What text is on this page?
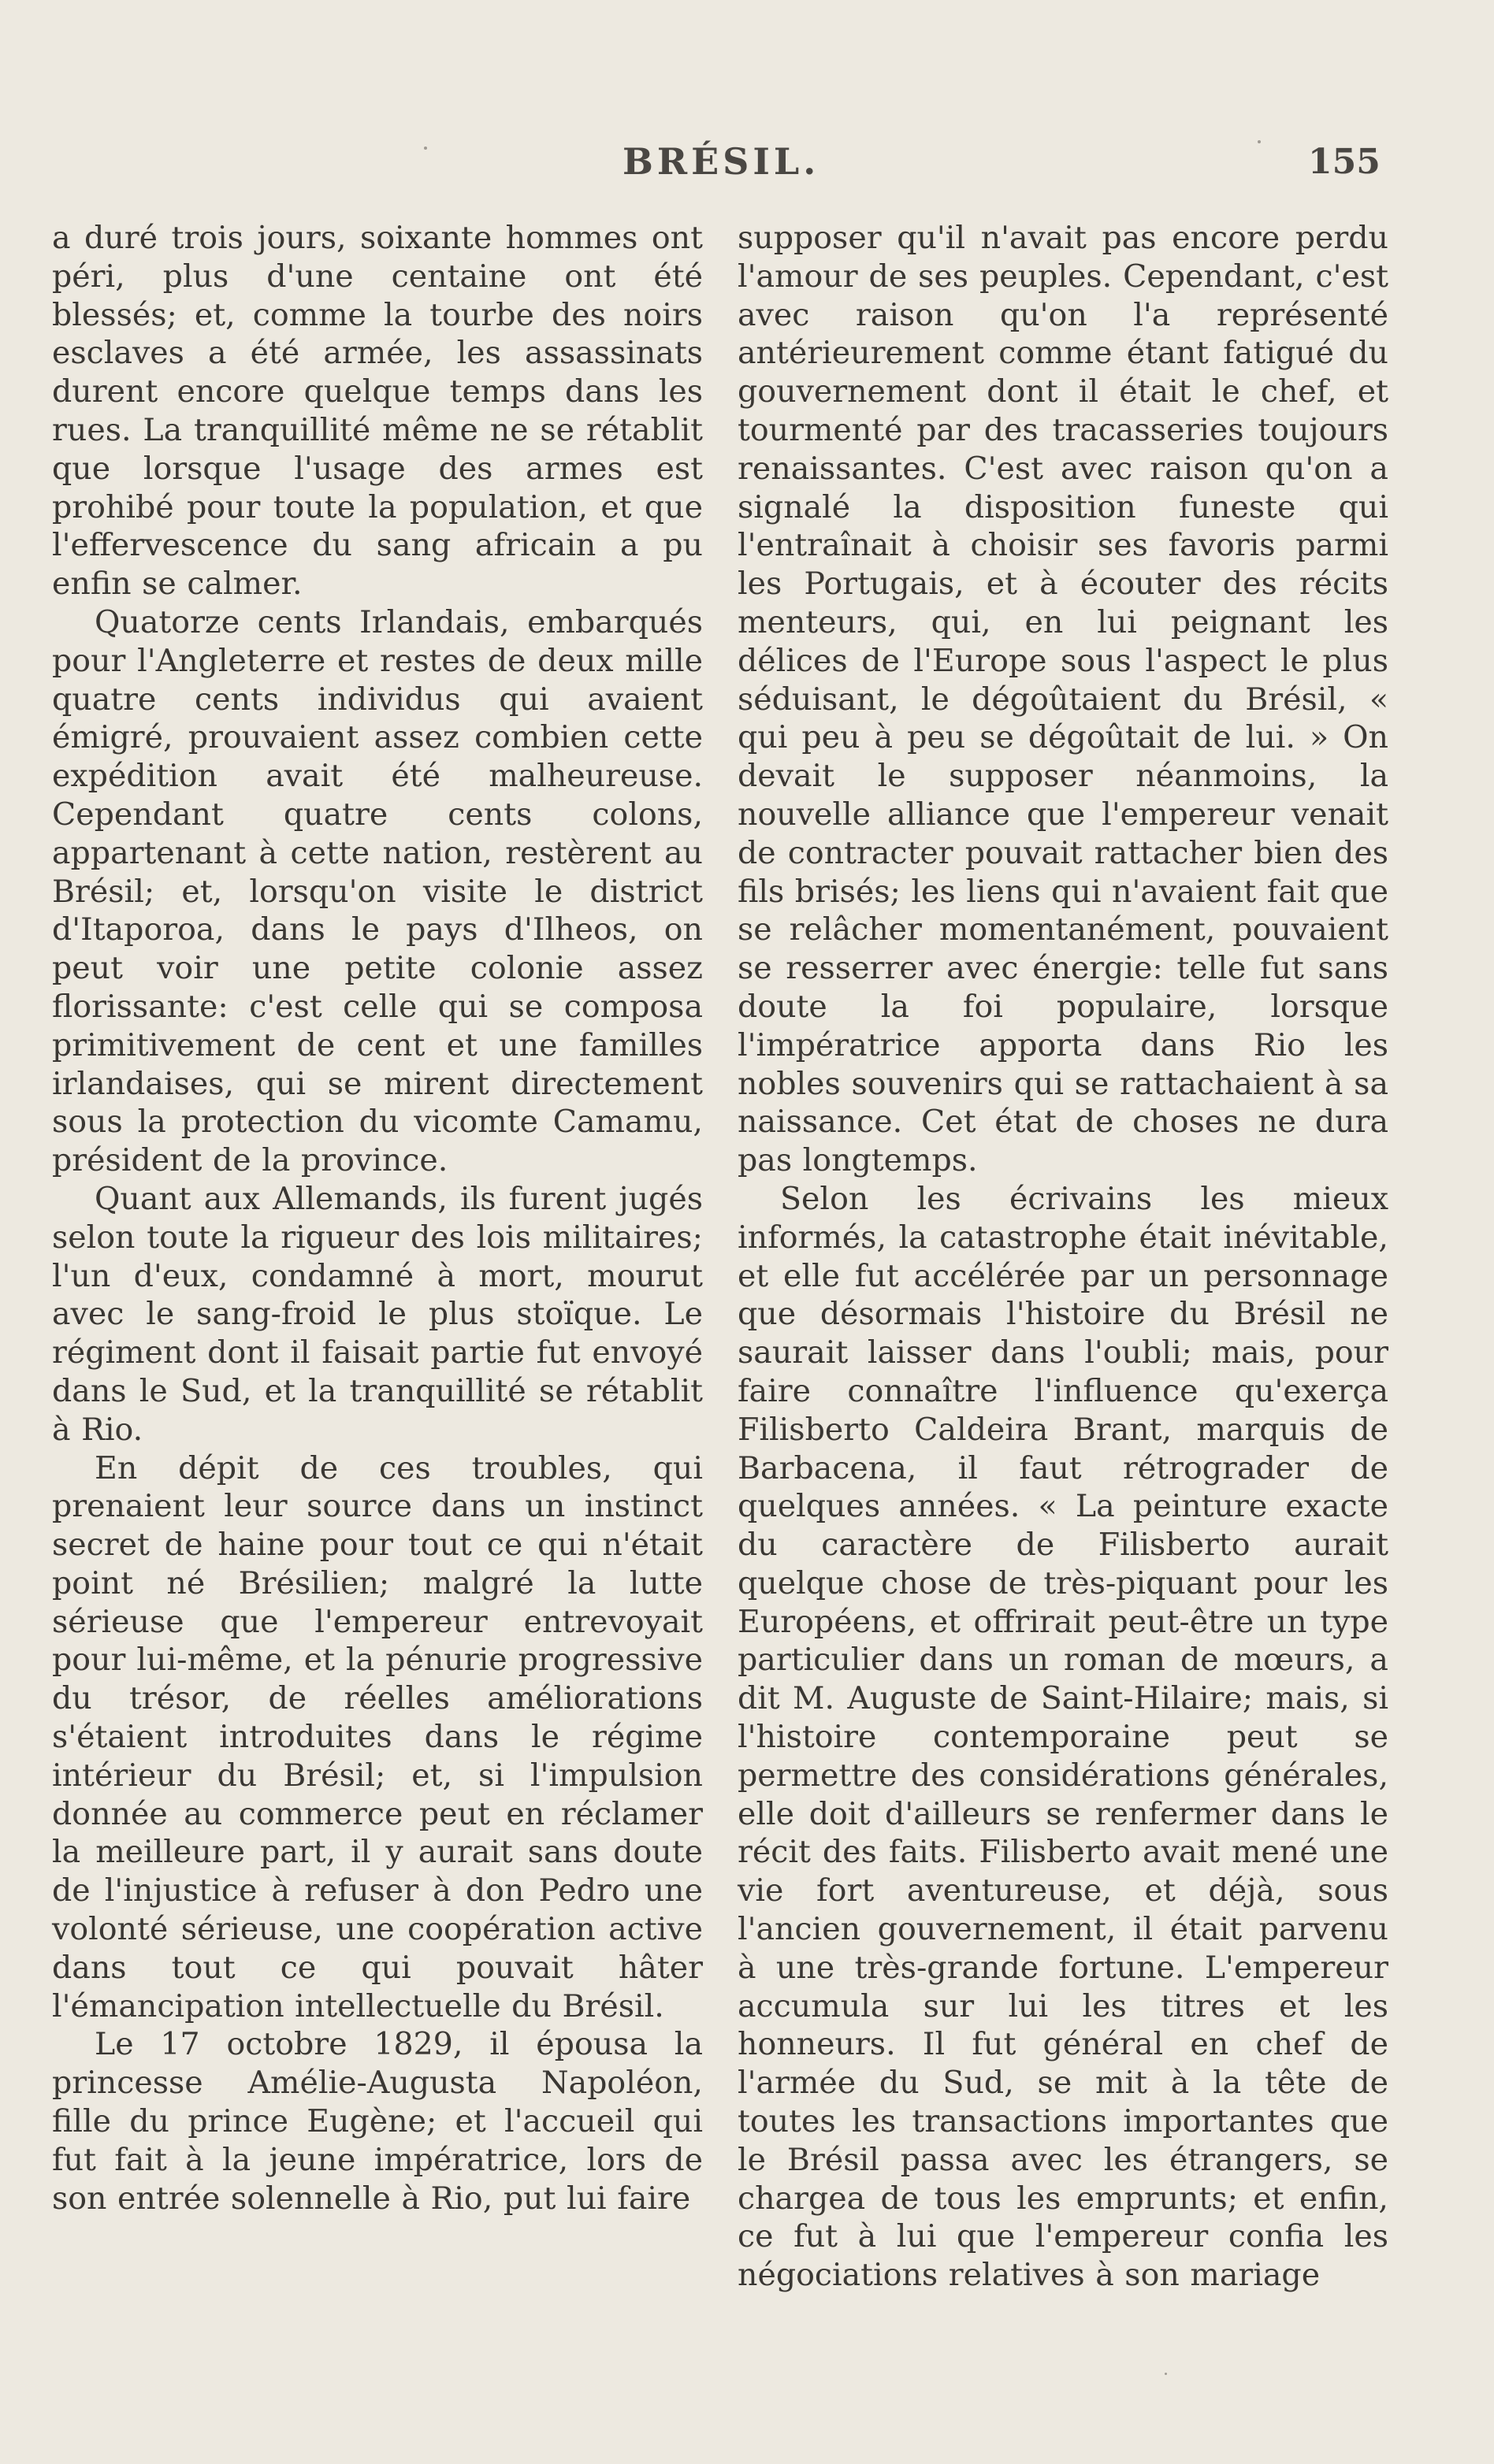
BRÉSIL.	155

a duré trois jours, soixante hommes ont péri, plus d'une centaine ont été blessés; et, comme la tourbe des noirs esclaves a été armée, les assassinats durent encore quelque temps dans les rues. La tranquillité même ne se rétablit que lorsque l'usage des armes est prohibé pour toute la population, et que l'effervescence du sang africain a pu enfin se calmer.

Quatorze cents Irlandais, embarqués pour l'Angleterre et restes de deux mille quatre cents individus qui avaient émigré, prouvaient assez combien cette expédition avait été malheureuse. Cependant quatre cents colons, appartenant à cette nation, restèrent au Brésil; et, lorsqu'on visite le district d'Itaporoa, dans le pays d'Ilheos, on peut voir une petite colonie assez florissante: c'est celle qui se composa primitivement de cent et une familles irlandaises, qui se mirent directement sous la protection du vicomte Camamu, président de la province.

Quant aux Allemands, ils furent jugés selon toute la rigueur des lois militaires; l'un d'eux, condamné à mort, mourut avec le sang-froid le plus stoïque. Le régiment dont il faisait partie fut envoyé dans le Sud, et la tranquillité se rétablit à Rio.

En dépit de ces troubles, qui prenaient leur source dans un instinct secret de haine pour tout ce qui n'était point né Brésilien; malgré la lutte sérieuse que l'empereur entrevoyait pour lui-même, et la pénurie progressive du trésor, de réelles améliorations s'étaient introduites dans le régime intérieur du Brésil; et, si l'impulsion donnée au commerce peut en réclamer la meilleure part, il y aurait sans doute de l'injustice à refuser à don Pedro une volonté sérieuse, une coopération active dans tout ce qui pouvait hâter l'émancipation intellectuelle du Brésil.

Le 17 octobre 1829, il épousa la princesse Amélie-Augusta Napoléon, fille du prince Eugène; et l'accueil qui fut fait à la jeune impératrice, lors de son entrée solennelle à Rio, put lui faire

supposer qu'il n'avait pas encore perdu l'amour de ses peuples. Cependant, c'est avec raison qu'on l'a représenté antérieurement comme étant fatigué du gouvernement dont il était le chef, et tourmenté par des tracasseries toujours renaissantes. C'est avec raison qu'on a signalé la disposition funeste qui l'entraînait à choisir ses favoris parmi les Portugais, et à écouter des récits menteurs, qui, en lui peignant les délices de l'Europe sous l'aspect le plus séduisant, le dégoûtaient du Brésil, « qui peu à peu se dégoûtait de lui. » On devait le supposer néanmoins, la nouvelle alliance que l'empereur venait de contracter pouvait rattacher bien des fils brisés; les liens qui n'avaient fait que se relâcher momentanément, pouvaient se resserrer avec énergie: telle fut sans doute la foi populaire, lorsque l'impératrice apporta dans Rio les nobles souvenirs qui se rattachaient à sa naissance. Cet état de choses ne dura pas longtemps.

Selon les écrivains les mieux informés, la catastrophe était inévitable, et elle fut accélérée par un personnage que désormais l'histoire du Brésil ne saurait laisser dans l'oubli; mais, pour faire connaître l'influence qu'exerça Filisberto Caldeira Brant, marquis de Barbacena, il faut rétrograder de quelques années. « La peinture exacte du caractère de Filisberto aurait quelque chose de très-piquant pour les Européens, et offrirait peut-être un type particulier dans un roman de mœurs, a dit M. Auguste de Saint-Hilaire; mais, si l'histoire contemporaine peut se permettre des considérations générales, elle doit d'ailleurs se renfermer dans le récit des faits. Filisberto avait mené une vie fort aventureuse, et déjà, sous l'ancien gouvernement, il était parvenu à une très-grande fortune. L'empereur accumula sur lui les titres et les honneurs. Il fut général en chef de l'armée du Sud, se mit à la tête de toutes les transactions importantes que le Brésil passa avec les étrangers, se chargea de tous les emprunts; et enfin, ce fut à lui que l'empereur confia les négociations relatives à son mariage
